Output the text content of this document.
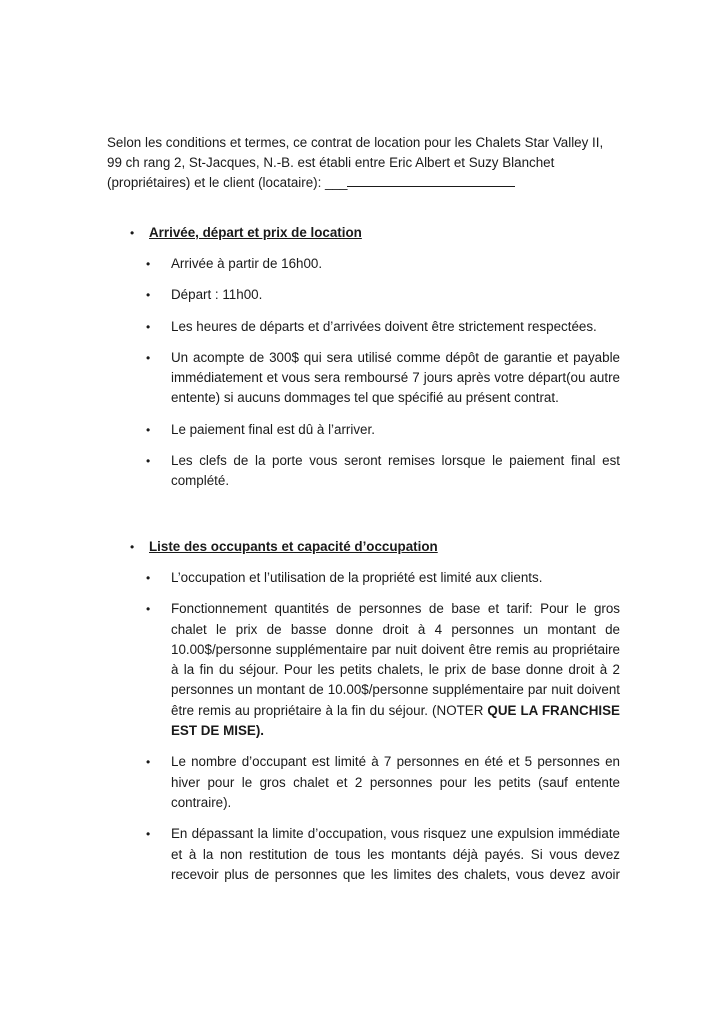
Selon les conditions et termes, ce contrat de location pour les Chalets Star Valley II, 99 ch rang 2, St-Jacques, N.-B. est établi entre Eric Albert et Suzy Blanchet (propriétaires) et le client (locataire): ___

•	Arrivée, départ et prix de location
•	Arrivée à partir de 16h00.
•	Départ : 11h00.
•	Les heures de départs et d’arrivées doivent être strictement respectées.
•	Un acompte de 300$ qui sera utilisé comme dépôt de garantie et payable immédiatement et vous sera remboursé 7 jours après votre départ(ou autre entente) si aucuns dommages tel que spécifié au présent contrat.
•	Le paiement final est dû à l’arriver.
•	Les clefs de la porte vous seront remises lorsque le paiement final est complété.
•	Liste des occupants et capacité d’occupation
•	L’occupation et l’utilisation de la propriété est limité aux clients.
•	Fonctionnement quantités de personnes de base et tarif: Pour le gros chalet le prix de basse donne droit à 4 personnes un montant de 10.00$/personne supplémentaire par nuit doivent être remis au propriétaire à la fin du séjour. Pour les petits chalets, le prix de base donne droit à 2 personnes un montant de 10.00$/personne supplémentaire par nuit doivent être remis au propriétaire à la fin du séjour. (NOTER QUE LA FRANCHISE EST DE MISE).
•	Le nombre d’occupant est limité à 7 personnes en été et 5 personnes en hiver pour le gros chalet et 2 personnes pour les petits (sauf entente contraire).
•	En dépassant la limite d’occupation, vous risquez une expulsion immédiate et à la non restitution de tous les montants déjà payés. Si vous devez recevoir plus de personnes que les limites des chalets, vous devez avoir
